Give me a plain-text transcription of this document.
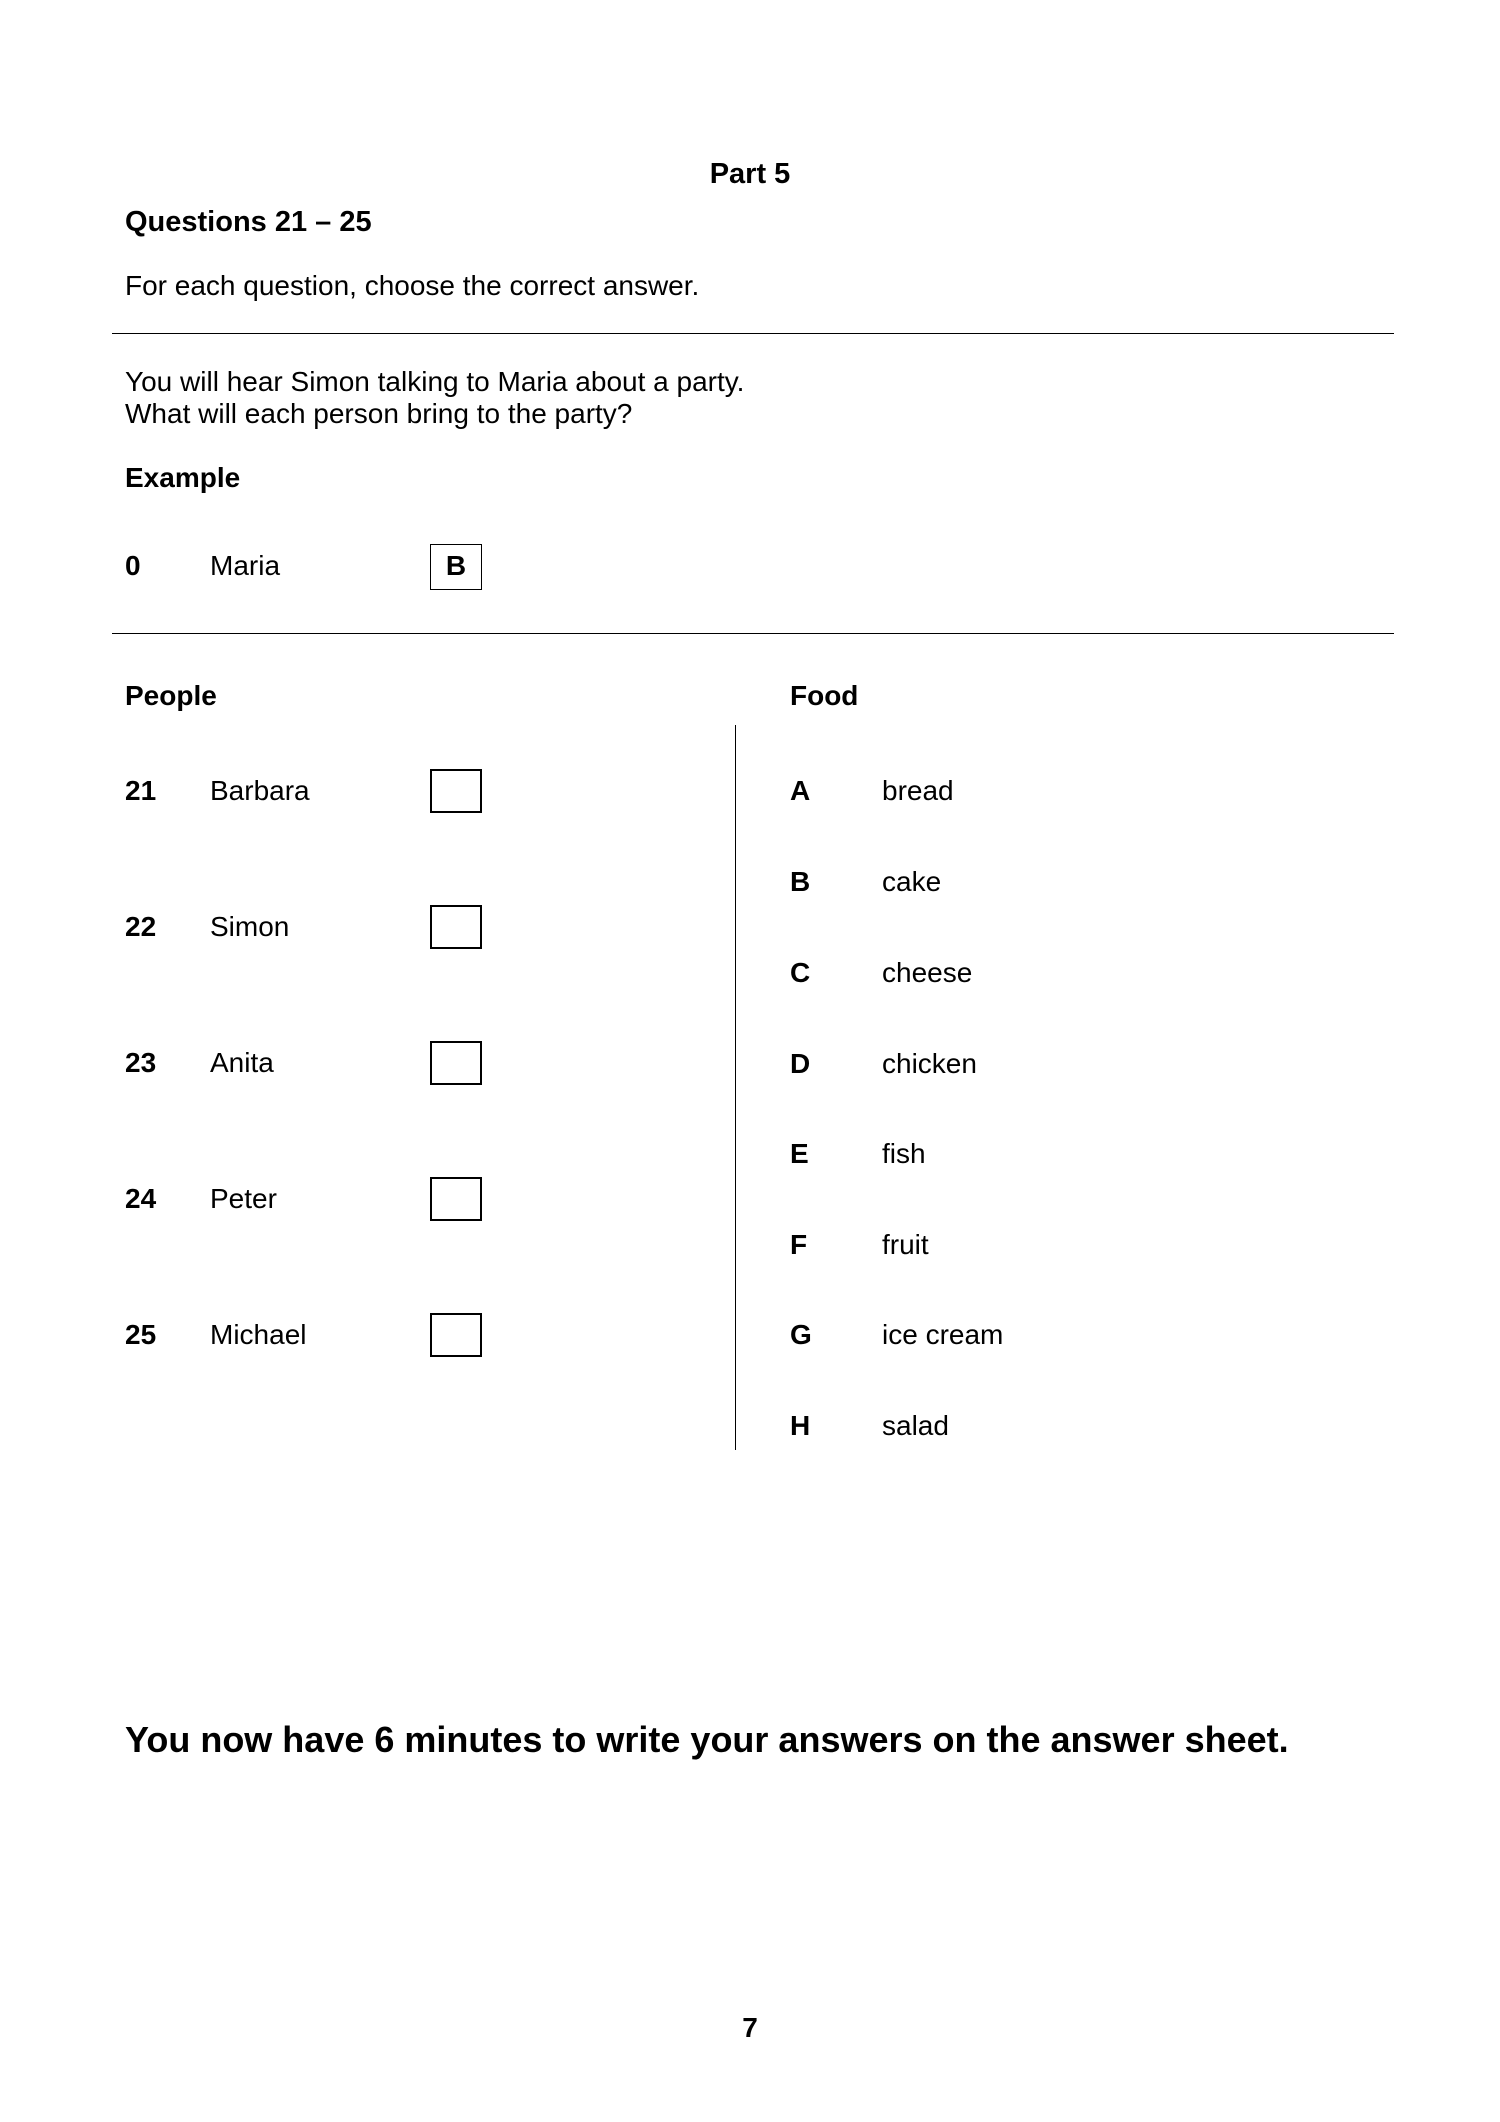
Part 5
Questions 21 – 25
For each question, choose the correct answer.
You will hear Simon talking to Maria about a party.
What will each person bring to the party?
Example
0 Maria	B
People	Food
21 Barbara
22 Simon
23 Anita
24 Peter
25 Michael
A	bread
B	cake
C	cheese
D	chicken
E	fish
F	fruit
G	ice cream
H	salad
You now have 6 minutes to write your answers on the answer sheet.
7
